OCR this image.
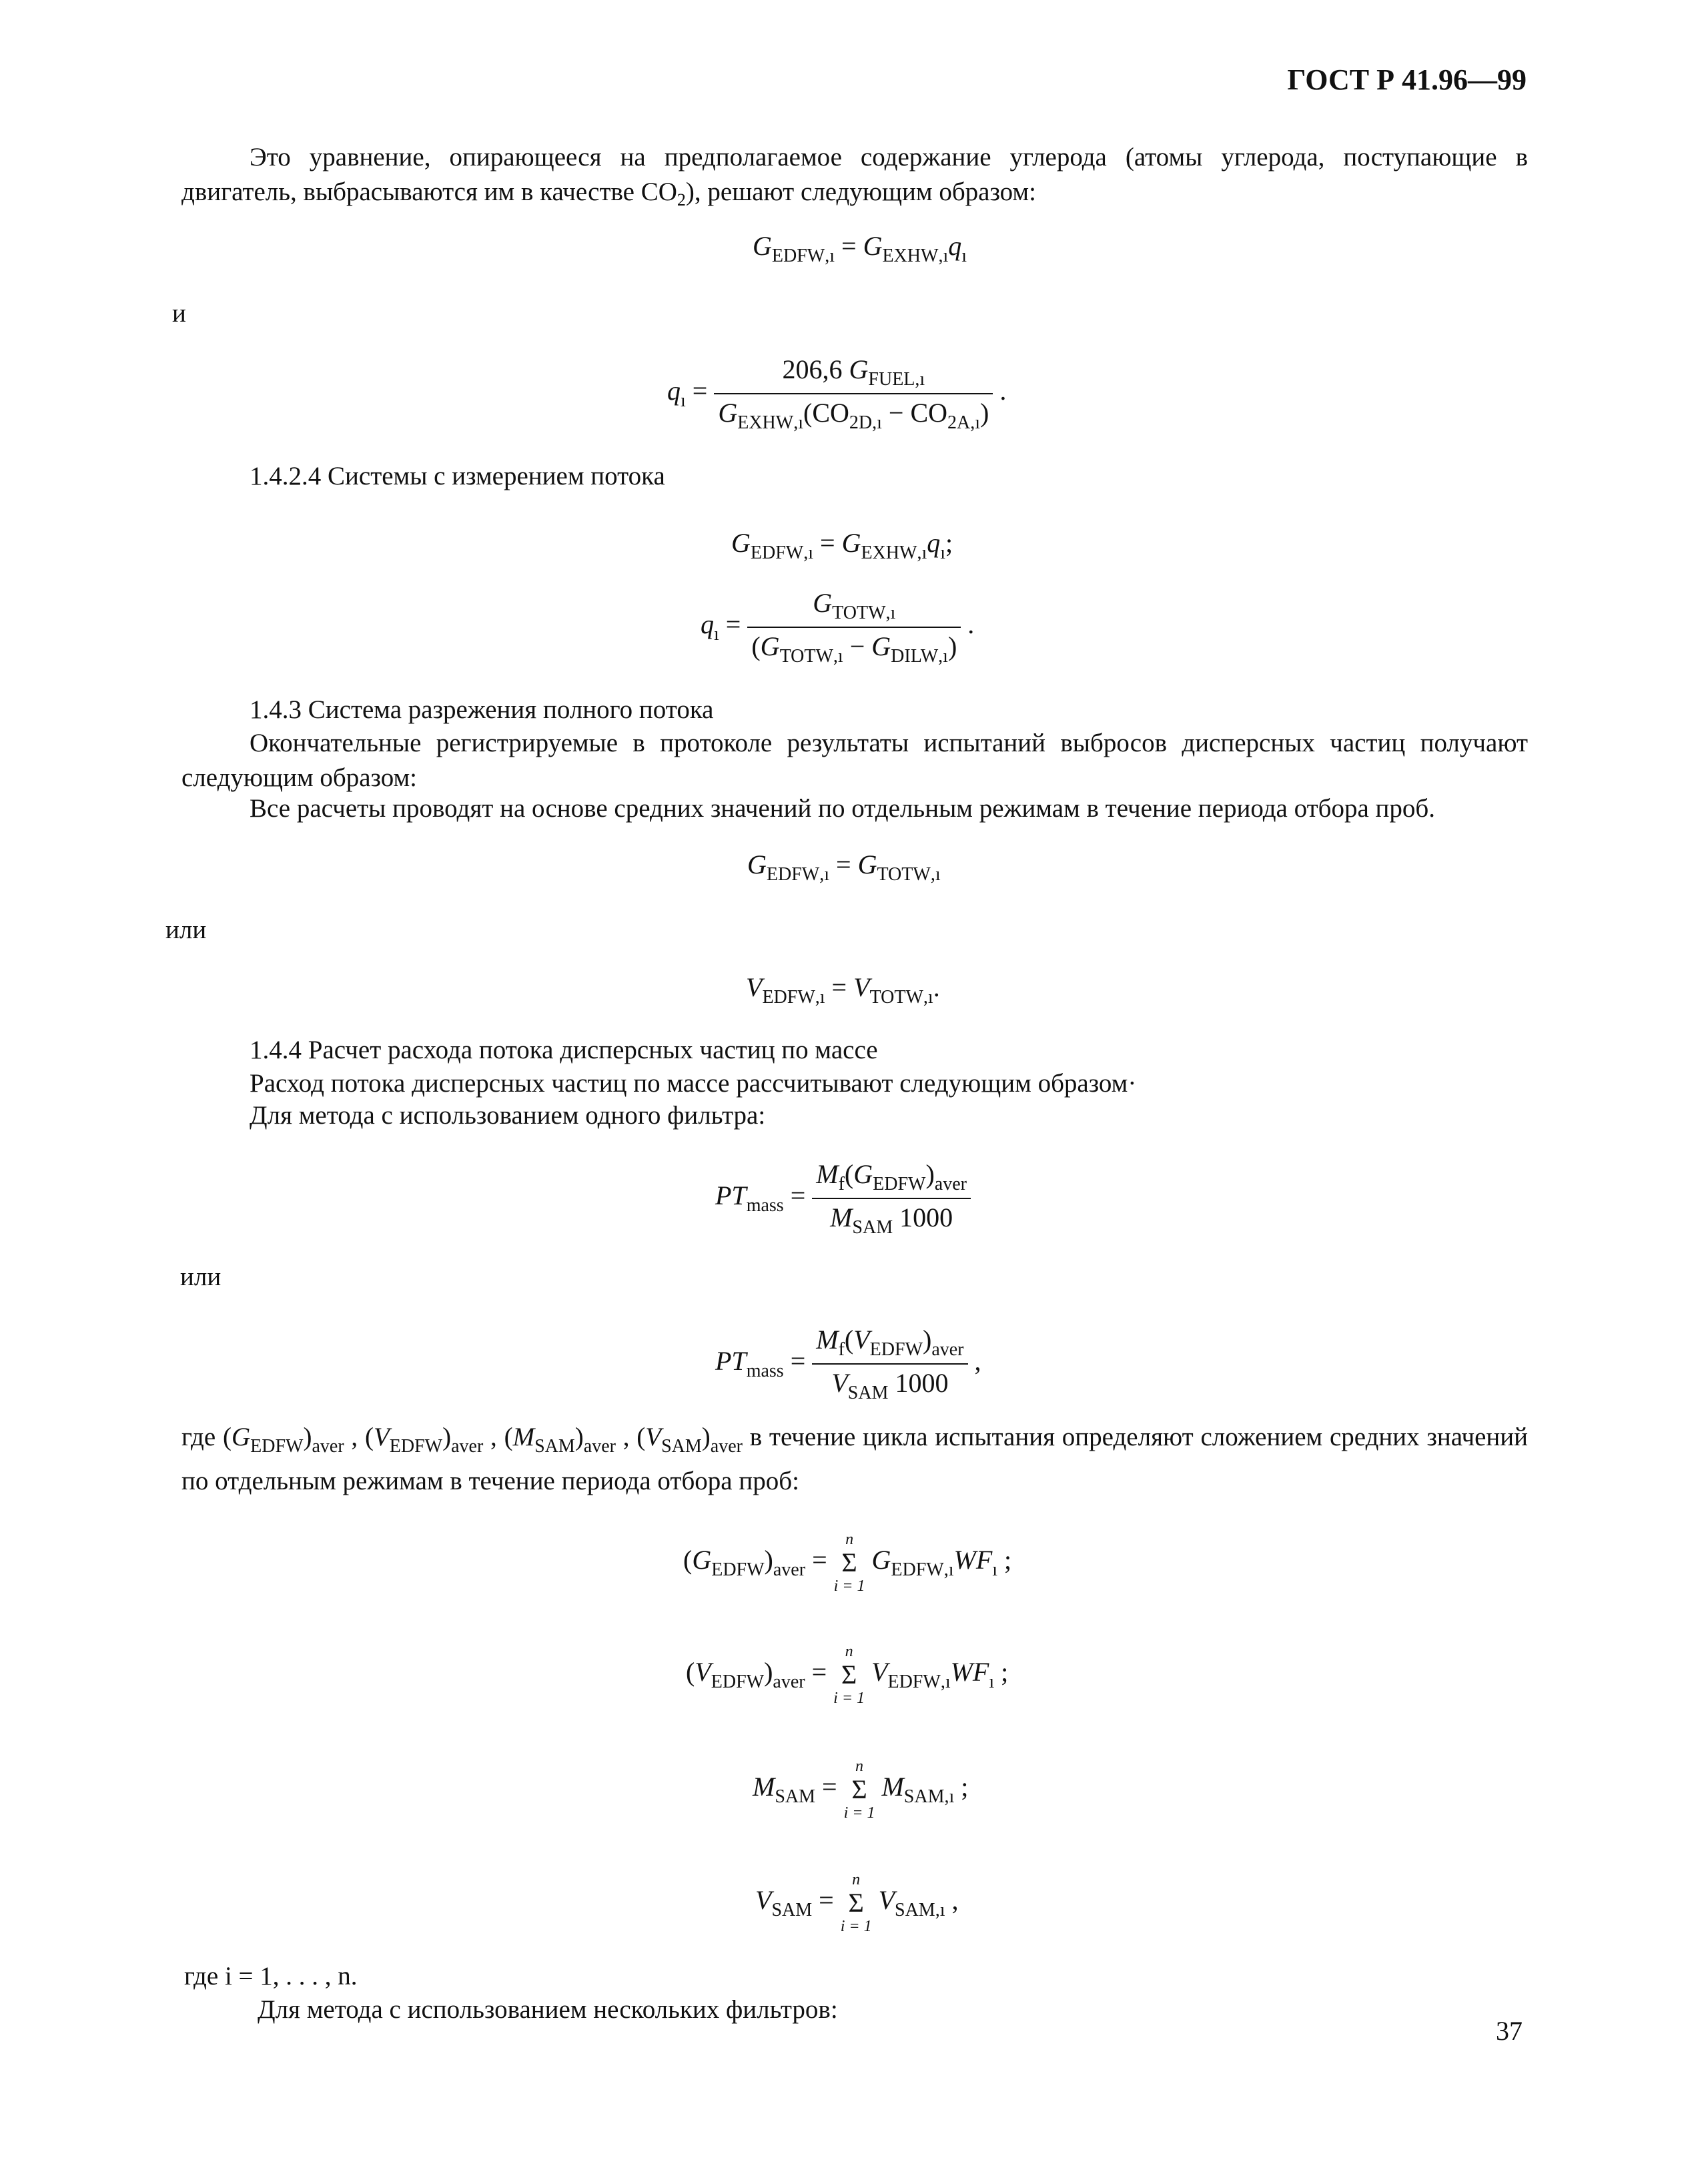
ГОСТ Р 41.96—99
Это уравнение, опирающееся на предполагаемое содержание углерода (атомы углерода, поступающие в двигатель, выбрасываются им в качестве $CO_2$), решают следующим образом:
$G_{EDFW,ı} = G_{EXHW,ı}q_ı$
и
$q_ı = \frac{206,6 G_{FUEL,ı}}{G_{EXHW,ı}(CO_{2D,ı} - CO_{2A,ı})}$ .
1.4.2.4 Системы с измерением потока
$G_{EDFW,ı} = G_{EXHW,ı}q_ı$;
$q_ı = \frac{G_{TOTW,ı}}{(G_{TOTW,ı} - G_{DILW,ı})}$ .
1.4.3 Система разрежения полного потока
Окончательные регистрируемые в протоколе результаты испытаний выбросов дисперсных частиц получают следующим образом:
Все расчеты проводят на основе средних значений по отдельным режимам в течение периода отбора проб.
$G_{EDFW,ı} = G_{TOTW,ı}$
или
$V_{EDFW,ı} = V_{TOTW,ı}$.
1.4.4 Расчет расхода потока дисперсных частиц по массе
Расход потока дисперсных частиц по массе рассчитывают следующим образом·
Для метода с использованием одного фильтра:
$PT_{mass} = \frac{M_f(G_{EDFW})_{aver}}{M_{SAM} 1000}$
или
$PT_{mass} = \frac{M_f(V_{EDFW})_{aver}}{V_{SAM} 1000}$ ,
где $(G_{EDFW})_{aver}$ , $(V_{EDFW})_{aver}$ , $(M_{SAM})_{aver}$ , $(V_{SAM})_{aver}$ в течение цикла испытания определяют сложением средних значений по отдельным режимам в течение периода отбора проб:
$(G_{EDFW})_{aver}$ =
n
Σ
i = 1
$G_{EDFW,ı}WF_ı$ ;
$(V_{EDFW})_{aver}$ =
n
Σ
i = 1
$V_{EDFW,ı}WF_ı$ ;
$M_{SAM}$ =
n
Σ
i = 1
$M_{SAM,ı}$ ;
$V_{SAM}$ =
n
Σ
i = 1
$V_{SAM,ı}$ ,
где i = 1, . . . , n.
Для метода с использованием нескольких фильтров:
37
